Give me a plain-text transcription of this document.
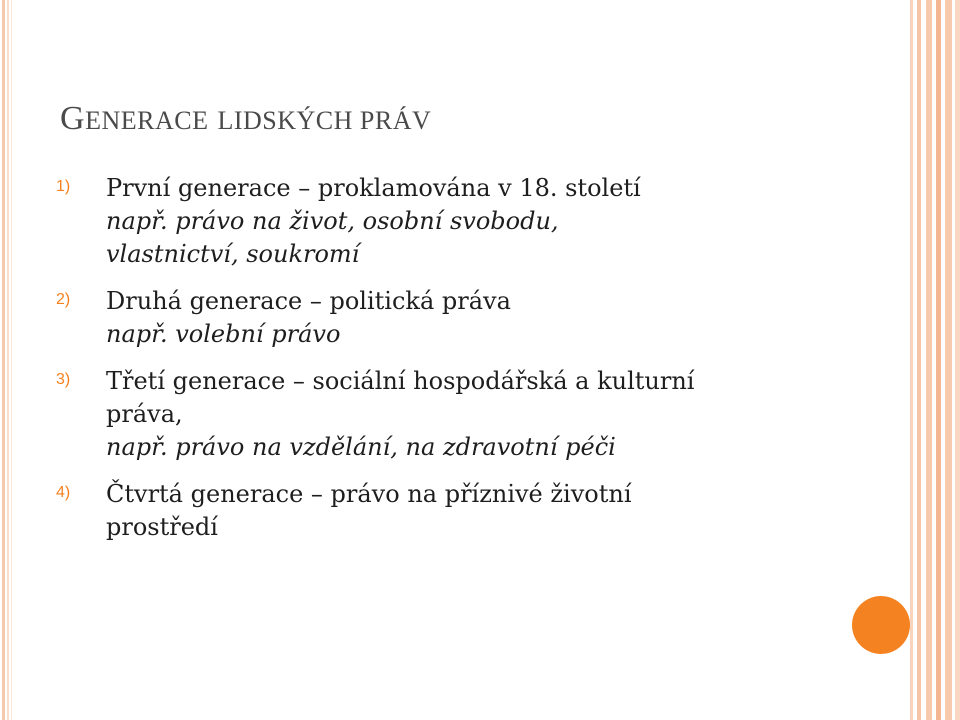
GENERACE LIDSKÝCH PRÁV
1) První generace – proklamována v 18. století
např. právo na život, osobní svobodu,
vlastnictví, soukromí
2) Druhá generace – politická práva
např. volební právo
3) Třetí generace – sociální hospodářská a kulturní
práva,
např. právo na vzdělání, na zdravotní péči
4) Čtvrtá generace – právo na příznivé životní
prostředí
